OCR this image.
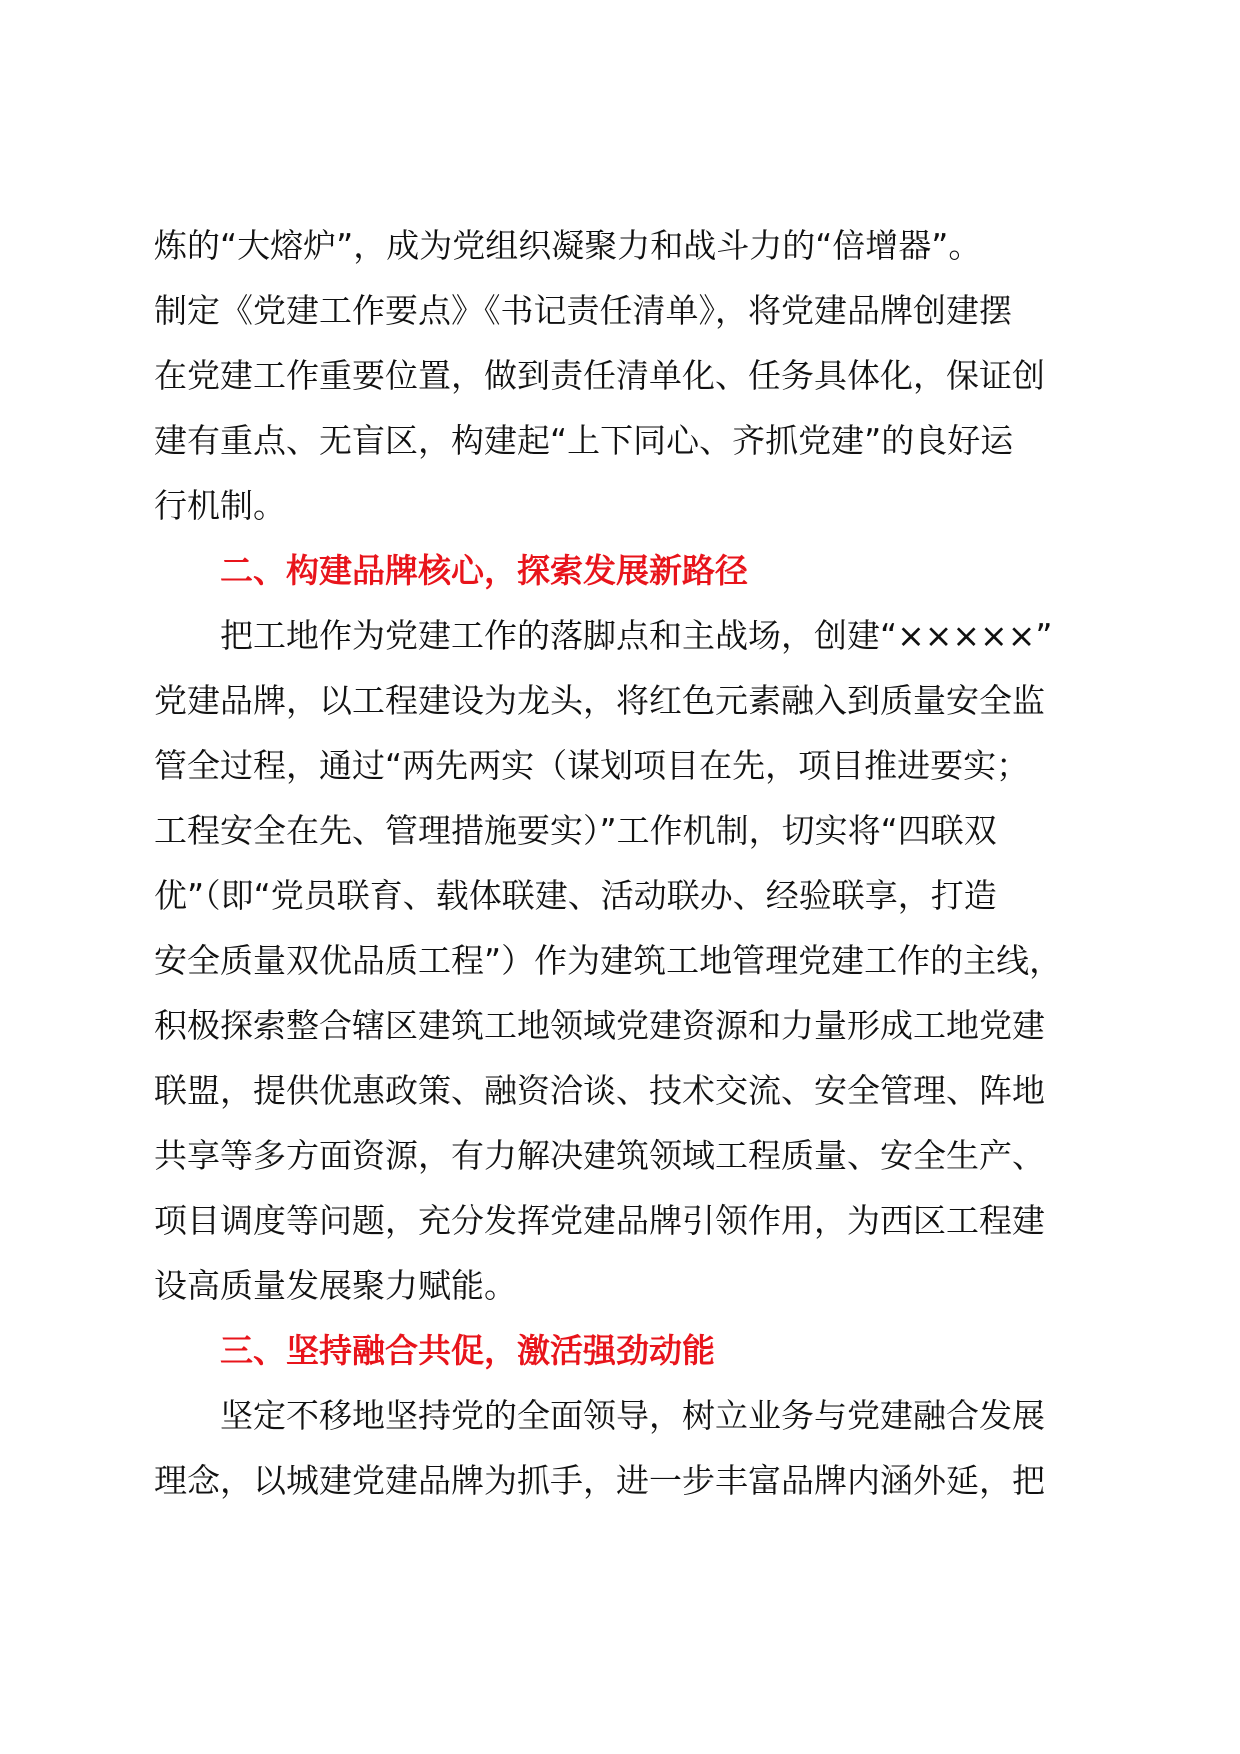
炼的“大熔炉”，成为党组织凝聚力和战斗力的“倍增器”。
制定《党建工作要点》《书记责任清单》，将党建品牌创建摆
在党建工作重要位置，做到责任清单化、任务具体化，保证创
建有重点、无盲区，构建起“上下同心、齐抓党建”的良好运
行机制。
二、构建品牌核心，探索发展新路径
把工地作为党建工作的落脚点和主战场，创建“×××××”
党建品牌，以工程建设为龙头，将红色元素融入到质量安全监
管全过程，通过“两先两实（谋划项目在先，项目推进要实；
工程安全在先、管理措施要实）”工作机制，切实将“四联双
优”（即“党员联育、载体联建、活动联办、经验联享，打造
安全质量双优品质工程”）作为建筑工地管理党建工作的主线，
积极探索整合辖区建筑工地领域党建资源和力量形成工地党建
联盟，提供优惠政策、融资洽谈、技术交流、安全管理、阵地
共享等多方面资源，有力解决建筑领域工程质量、安全生产、
项目调度等问题，充分发挥党建品牌引领作用，为西区工程建
设高质量发展聚力赋能。
三、坚持融合共促，激活强劲动能
坚定不移地坚持党的全面领导，树立业务与党建融合发展
理念，以城建党建品牌为抓手，进一步丰富品牌内涵外延，把
